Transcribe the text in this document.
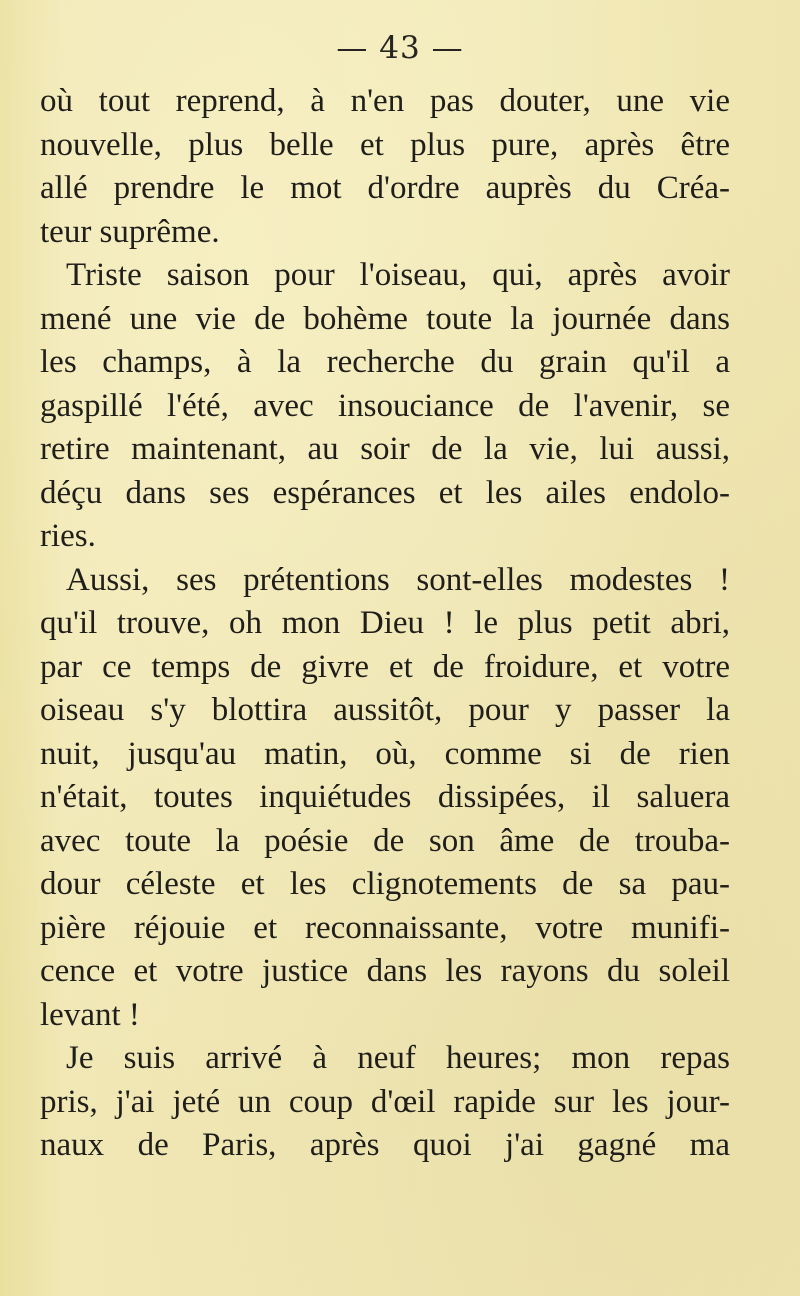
— 43 —
où tout reprend, à n'en pas douter, une vie
nouvelle, plus belle et plus pure, après être
allé prendre le mot d'ordre auprès du Créa-
teur suprême.
Triste saison pour l'oiseau, qui, après avoir
mené une vie de bohème toute la journée dans
les champs, à la recherche du grain qu'il a
gaspillé l'été, avec insouciance de l'avenir, se
retire maintenant, au soir de la vie, lui aussi,
déçu dans ses espérances et les ailes endolo-
ries.
Aussi, ses prétentions sont-elles modestes !
qu'il trouve, oh mon Dieu ! le plus petit abri,
par ce temps de givre et de froidure, et votre
oiseau s'y blottira aussitôt, pour y passer la
nuit, jusqu'au matin, où, comme si de rien
n'était, toutes inquiétudes dissipées, il saluera
avec toute la poésie de son âme de trouba-
dour céleste et les clignotements de sa pau-
pière réjouie et reconnaissante, votre munifi-
cence et votre justice dans les rayons du soleil
levant !
Je suis arrivé à neuf heures; mon repas
pris, j'ai jeté un coup d'œil rapide sur les jour-
naux de Paris, après quoi j'ai gagné ma
